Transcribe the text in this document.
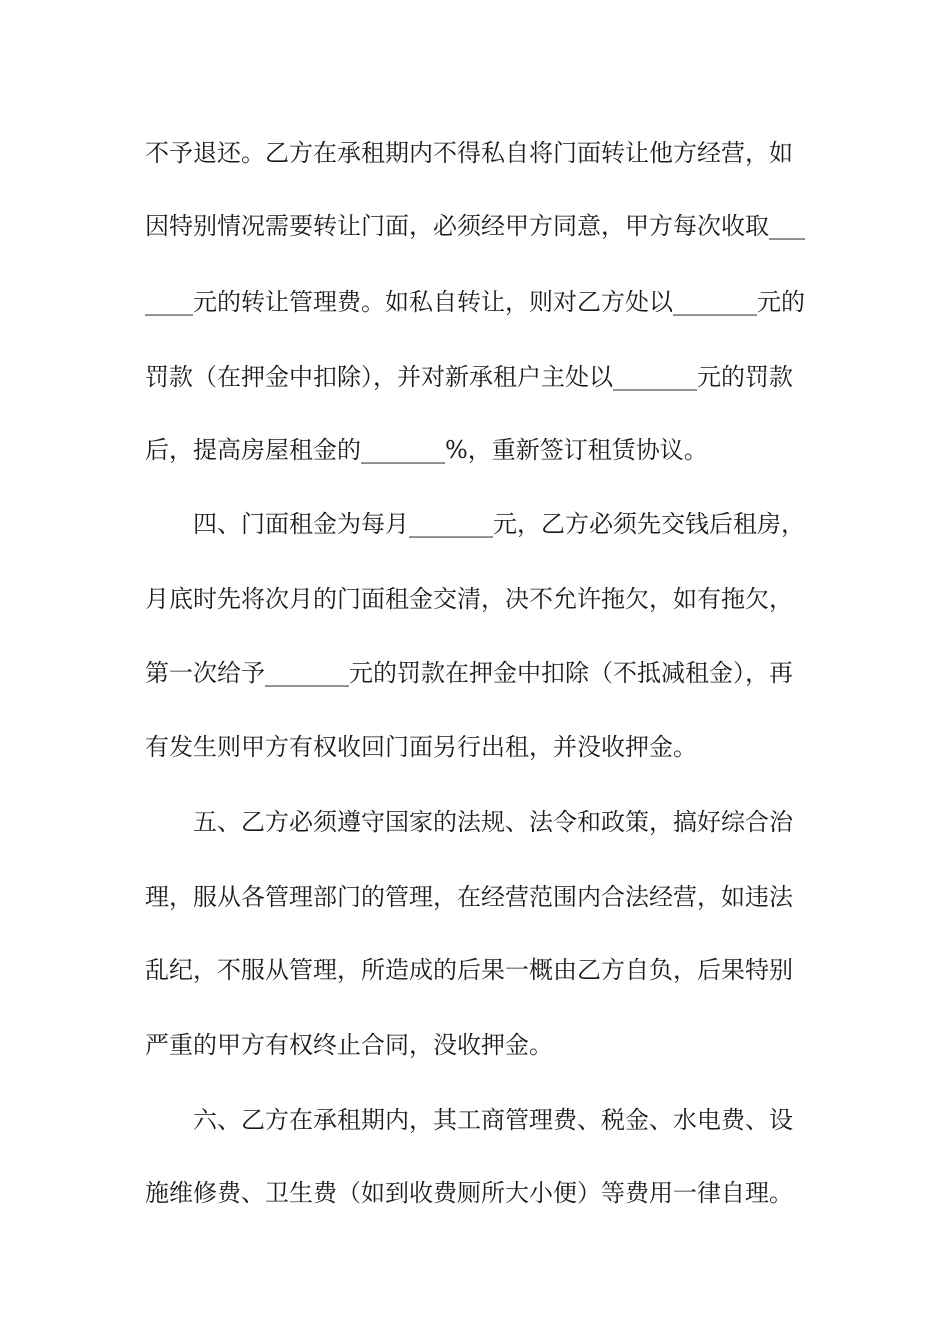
不予退还。乙方在承租期内不得私自将门面转让他方经营，如
因特别情况需要转让门面，必须经甲方同意，甲方每次收取___
____元的转让管理费。如私自转让，则对乙方处以_______元的
罚款（在押金中扣除），并对新承租户主处以_______元的罚款
后，提高房屋租金的_______%，重新签订租赁协议。
四、门面租金为每月_______元，乙方必须先交钱后租房，
月底时先将次月的门面租金交清，决不允许拖欠，如有拖欠，
第一次给予_______元的罚款在押金中扣除（不抵减租金），再
有发生则甲方有权收回门面另行出租，并没收押金。
五、乙方必须遵守国家的法规、法令和政策，搞好综合治
理，服从各管理部门的管理，在经营范围内合法经营，如违法
乱纪，不服从管理，所造成的后果一概由乙方自负，后果特别
严重的甲方有权终止合同，没收押金。
六、乙方在承租期内，其工商管理费、税金、水电费、设
施维修费、卫生费（如到收费厕所大小便）等费用一律自理。
